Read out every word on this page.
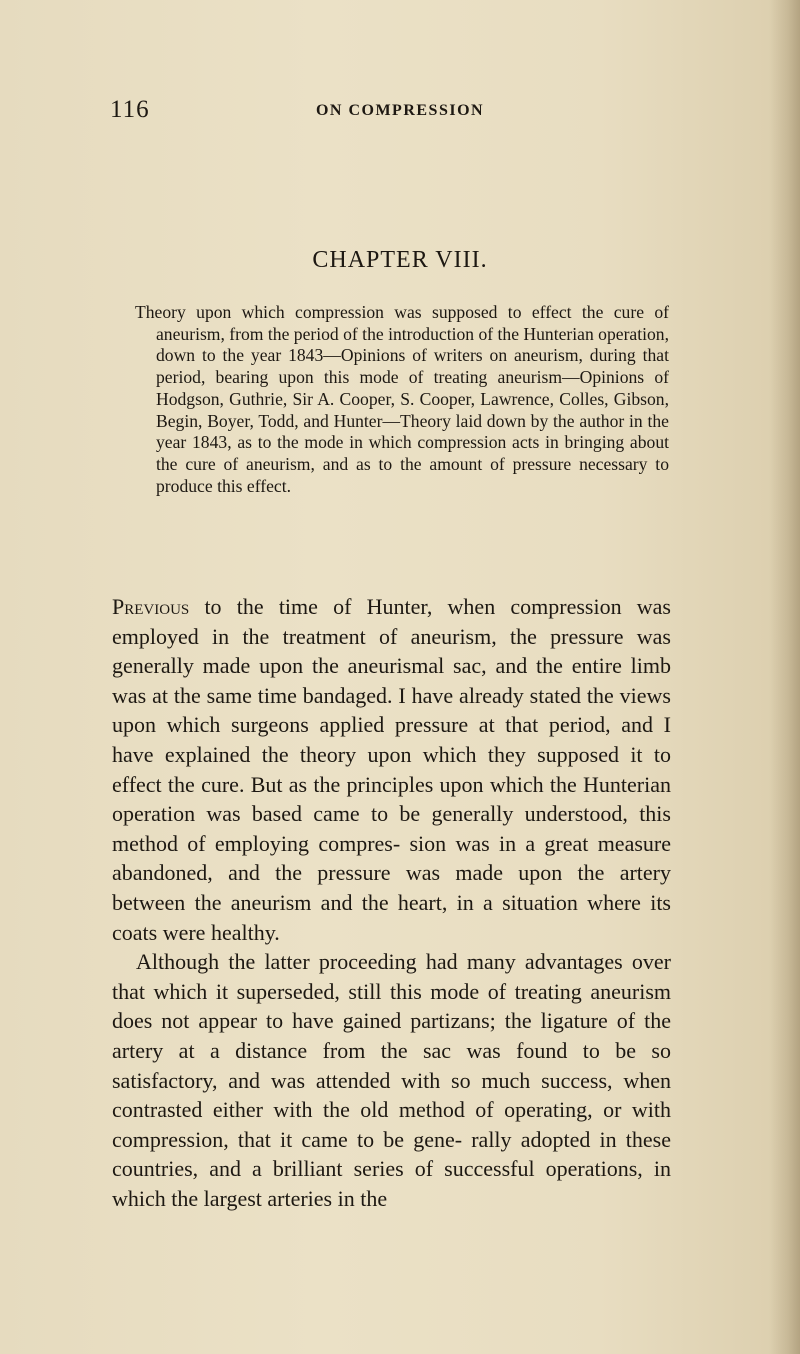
116	ON COMPRESSION
CHAPTER VIII.
Theory upon which compression was supposed to effect the cure of aneurism, from the period of the introduction of the Hunterian operation, down to the year 1843—Opinions of writers on aneurism, during that period, bearing upon this mode of treating aneurism—Opinions of Hodgson, Guthrie, Sir A. Cooper, S. Cooper, Lawrence, Colles, Gibson, Begin, Boyer, Todd, and Hunter—Theory laid down by the author in the year 1843, as to the mode in which compression acts in bringing about the cure of aneurism, and as to the amount of pressure necessary to produce this effect.

Previous to the time of Hunter, when compression was employed in the treatment of aneurism, the pressure was generally made upon the aneurismal sac, and the entire limb was at the same time bandaged. I have already stated the views upon which surgeons applied pressure at that period, and I have explained the theory upon which they supposed it to effect the cure. But as the principles upon which the Hunterian operation was based came to be generally understood, this method of employing compres- sion was in a great measure abandoned, and the pressure was made upon the artery between the aneurism and the heart, in a situation where its coats were healthy.

Although the latter proceeding had many advantages over that which it superseded, still this mode of treating aneurism does not appear to have gained partizans; the ligature of the artery at a distance from the sac was found to be so satisfactory, and was attended with so much success, when contrasted either with the old method of operating, or with compression, that it came to be gene- rally adopted in these countries, and a brilliant series of successful operations, in which the largest arteries in the
